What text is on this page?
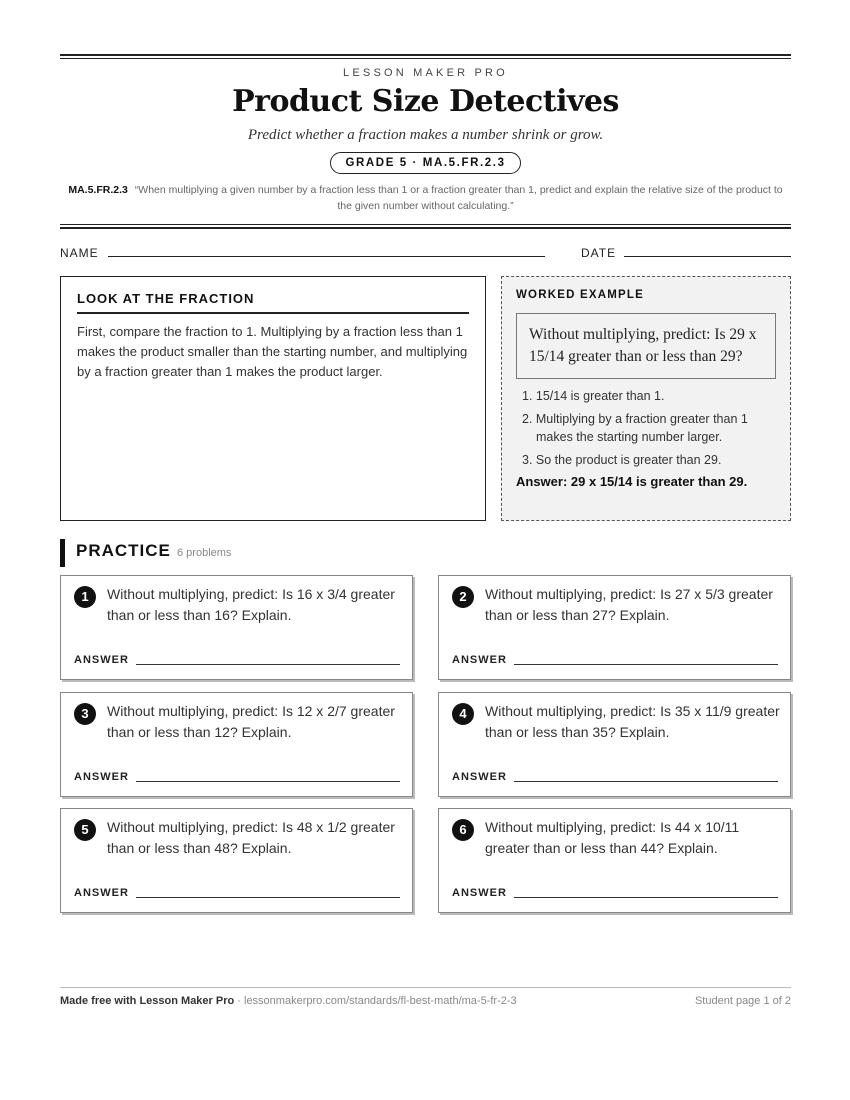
LESSON MAKER PRO
Product Size Detectives
Predict whether a fraction makes a number shrink or grow.
GRADE 5 · MA.5.FR.2.3
MA.5.FR.2.3 “When multiplying a given number by a fraction less than 1 or a fraction greater than 1, predict and explain the relative size of the product to the given number without calculating.”
NAME	DATE
LOOK AT THE FRACTION
First, compare the fraction to 1. Multiplying by a fraction less than 1 makes the product smaller than the starting number, and multiplying by a fraction greater than 1 makes the product larger.
WORKED EXAMPLE
Without multiplying, predict: Is 29 x 15/14 greater than or less than 29?
1. 15/14 is greater than 1.
2. Multiplying by a fraction greater than 1 makes the starting number larger.
3. So the product is greater than 29.
Answer: 29 x 15/14 is greater than 29.
PRACTICE 6 problems
1	Without multiplying, predict: Is 16 x 3/4 greater than or less than 16? Explain.
ANSWER
2	Without multiplying, predict: Is 27 x 5/3 greater than or less than 27? Explain.
ANSWER
3	Without multiplying, predict: Is 12 x 2/7 greater than or less than 12? Explain.
ANSWER
4	Without multiplying, predict: Is 35 x 11/9 greater than or less than 35? Explain.
ANSWER
5	Without multiplying, predict: Is 48 x 1/2 greater than or less than 48? Explain.
ANSWER
6	Without multiplying, predict: Is 44 x 10/11 greater than or less than 44? Explain.
ANSWER
Made free with Lesson Maker Pro · lessonmakerpro.com/standards/fl-best-math/ma-5-fr-2-3	Student page 1 of 2
